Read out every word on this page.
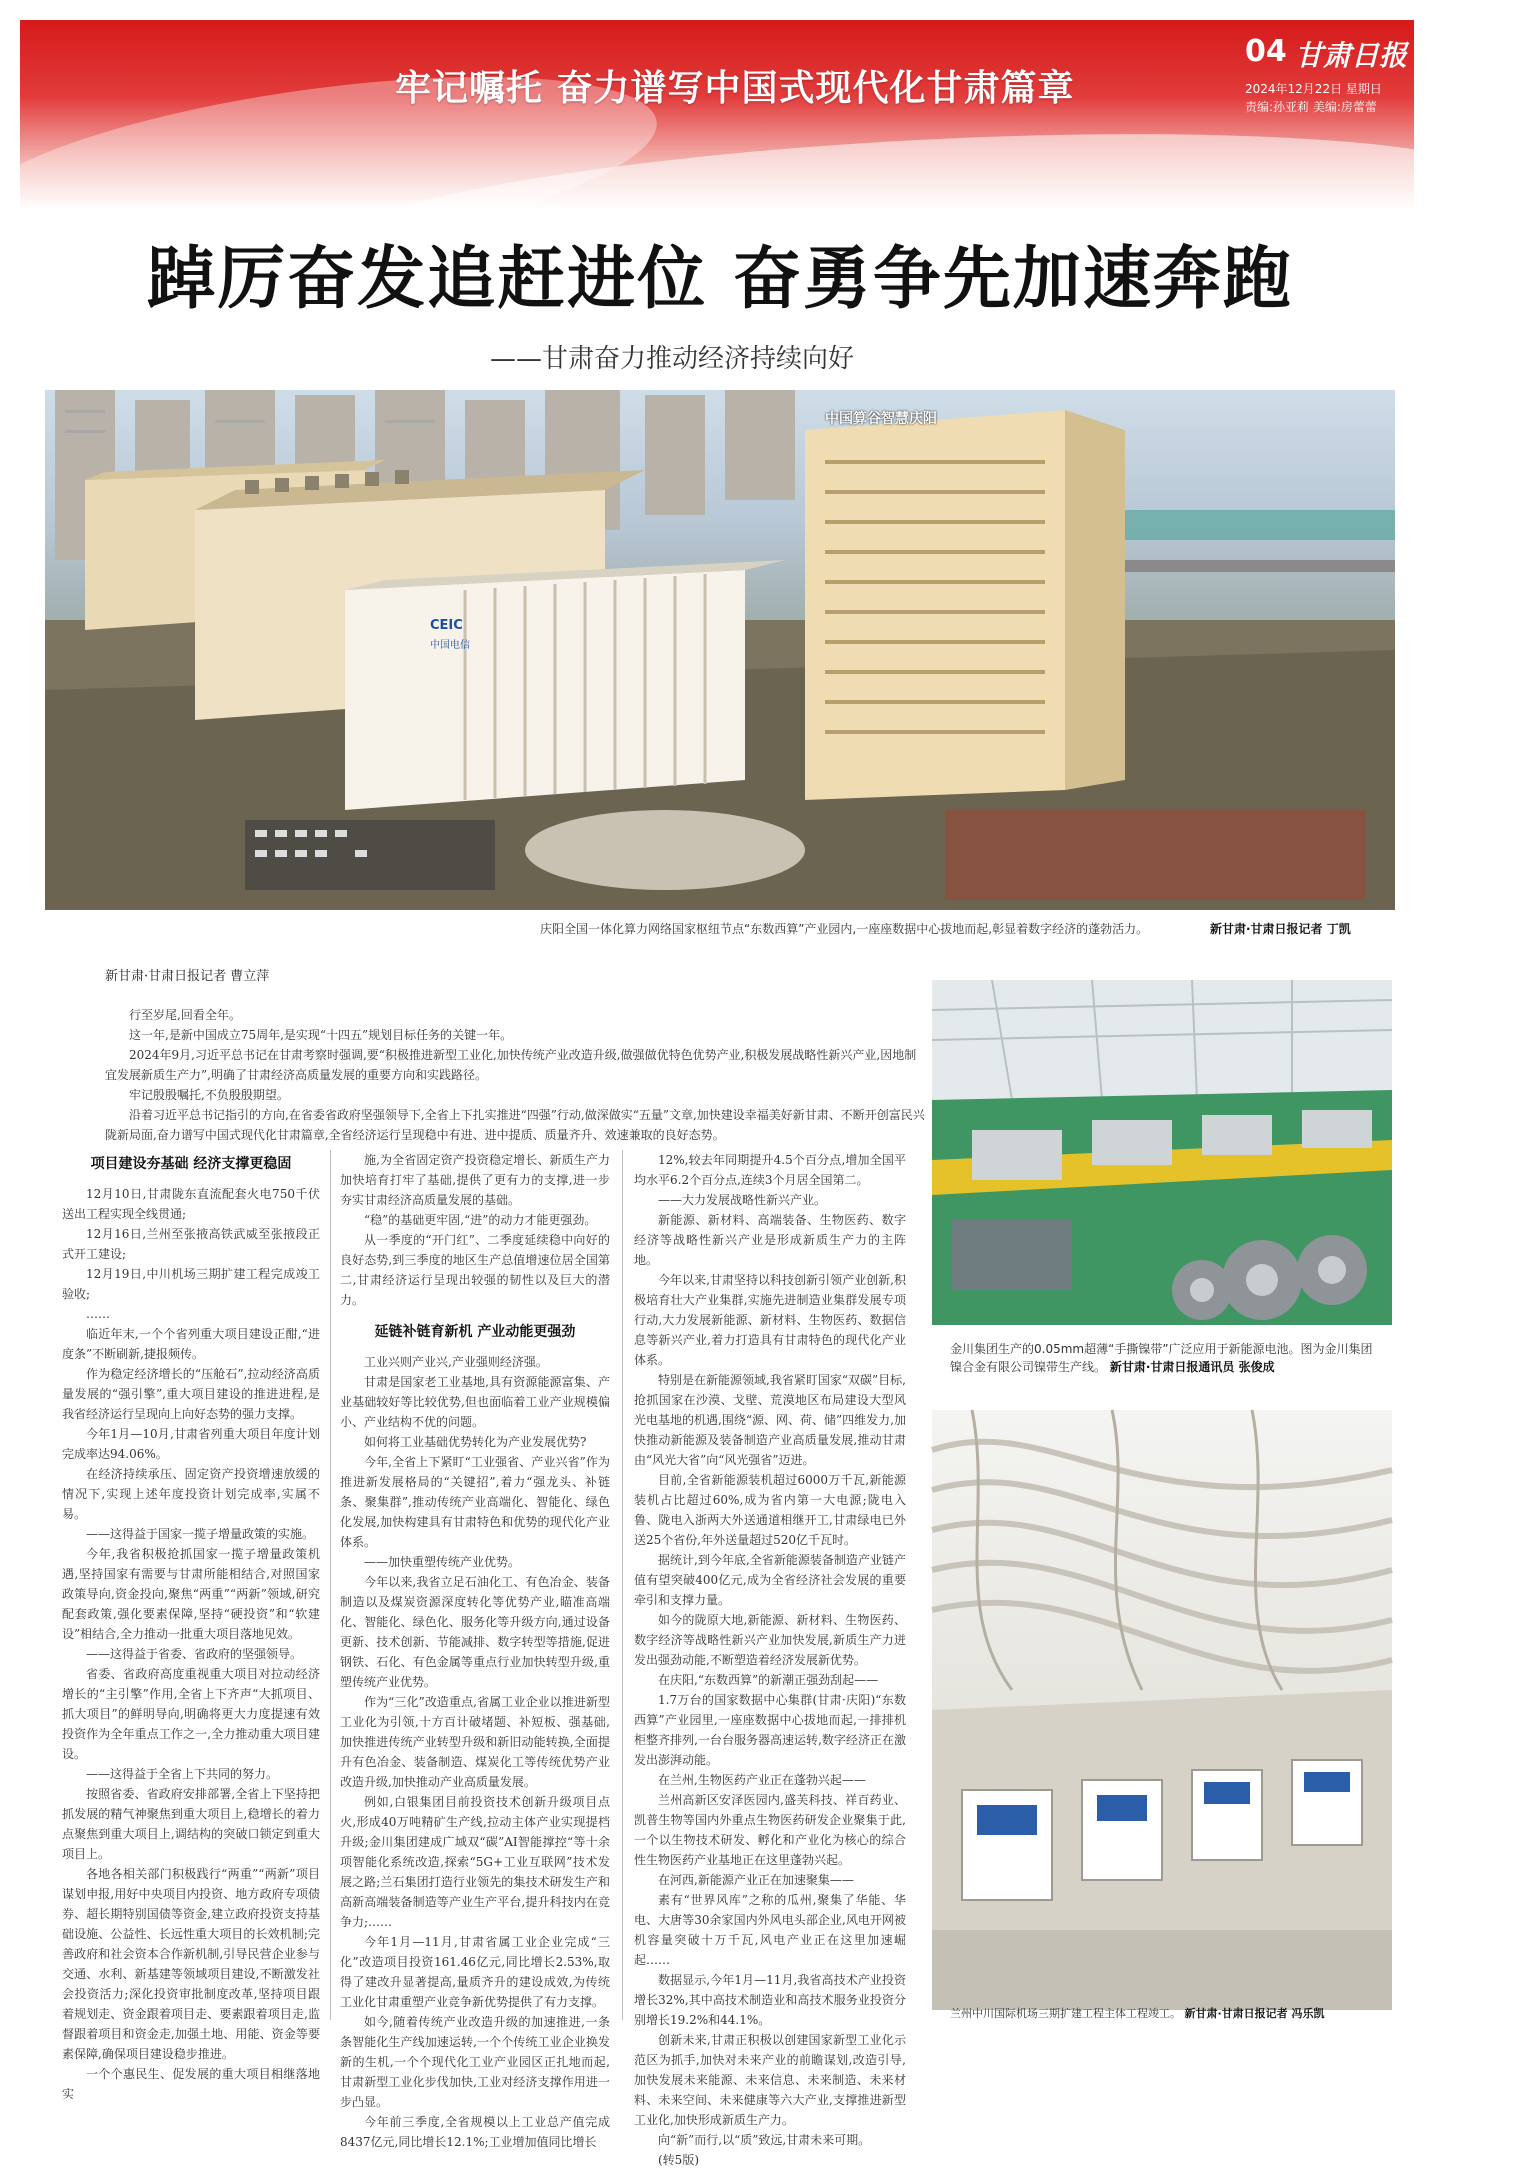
牢记嘱托 奋力谱写中国式现代化甘肃篇章
04 甘肃日报
2024年12月22日 星期日
责编:孙亚莉 美编:房蕾蕾
踔厉奋发追赶进位 奋勇争先加速奔跑
——甘肃奋力推动经济持续向好
中国算谷智慧庆阳
CEIC
中国电信
庆阳全国一体化算力网络国家枢纽节点“东数西算”产业园内,一座座数据中心拔地而起,彰显着数字经济的蓬勃活力。	新甘肃·甘肃日报记者 丁凯
新甘肃·甘肃日报记者 曹立萍

行至岁尾,回看全年。

这一年,是新中国成立75周年,是实现“十四五”规划目标任务的关键一年。

2024年9月,习近平总书记在甘肃考察时强调,要“积极推进新型工业化,加快传统产业改造升级,做强做优特色优势产业,积极发展战略性新兴产业,因地制宜发展新质生产力”,明确了甘肃经济高质量发展的重要方向和实践路径。

牢记殷殷嘱托,不负殷殷期望。

沿着习近平总书记指引的方向,在省委省政府坚强领导下,全省上下扎实推进“四强”行动,做深做实“五量”文章,加快建设幸福美好新甘肃、不断开创富民兴陇新局面,奋力谱写中国式现代化甘肃篇章,全省经济运行呈现稳中有进、进中提质、质量齐升、效速兼取的良好态势。

项目建设夯基础 经济支撑更稳固

12月10日,甘肃陇东直流配套火电750千伏送出工程实现全线贯通;

12月16日,兰州至张掖高铁武威至张掖段正式开工建设;

12月19日,中川机场三期扩建工程完成竣工验收;

……

临近年末,一个个省列重大项目建设正酣,“进度条”不断刷新,捷报频传。

作为稳定经济增长的“压舱石”,拉动经济高质量发展的“强引擎”,重大项目建设的推进进程,是我省经济运行呈现向上向好态势的强力支撑。

今年1月—10月,甘肃省列重大项目年度计划完成率达94.06%。

在经济持续承压、固定资产投资增速放缓的情况下,实现上述年度投资计划完成率,实属不易。

——这得益于国家一揽子增量政策的实施。

今年,我省积极抢抓国家一揽子增量政策机遇,坚持国家有需要与甘肃所能相结合,对照国家政策导向,资金投向,聚焦“两重”“两新”领域,研究配套政策,强化要素保障,坚持“硬投资”和“软建设”相结合,全力推动一批重大项目落地见效。

——这得益于省委、省政府的坚强领导。

省委、省政府高度重视重大项目对拉动经济增长的“主引擎”作用,全省上下齐声“大抓项目、抓大项目”的鲜明导向,明确将更大力度提速有效投资作为全年重点工作之一,全力推动重大项目建设。

——这得益于全省上下共同的努力。

按照省委、省政府安排部署,全省上下坚持把抓发展的精气神聚焦到重大项目上,稳增长的着力点聚焦到重大项目上,调结构的突破口锁定到重大项目上。

各地各相关部门积极践行“两重”“两新”项目谋划申报,用好中央项目内投资、地方政府专项债券、超长期特别国债等资金,建立政府投资支持基础设施、公益性、长远性重大项目的长效机制;完善政府和社会资本合作新机制,引导民营企业参与交通、水利、新基建等领域项目建设,不断激发社会投资活力;深化投资审批制度改革,坚持项目跟着规划走、资金跟着项目走、要素跟着项目走,监督跟着项目和资金走,加强土地、用能、资金等要素保障,确保项目建设稳步推进。

一个个惠民生、促发展的重大项目相继落地实

施,为全省固定资产投资稳定增长、新质生产力加快培育打牢了基础,提供了更有力的支撑,进一步夯实甘肃经济高质量发展的基础。

“稳”的基础更牢固,“进”的动力才能更强劲。

从一季度的“开门红”、二季度延续稳中向好的良好态势,到三季度的地区生产总值增速位居全国第二,甘肃经济运行呈现出较强的韧性以及巨大的潜力。

延链补链育新机 产业动能更强劲

工业兴则产业兴,产业强则经济强。

甘肃是国家老工业基地,具有资源能源富集、产业基础较好等比较优势,但也面临着工业产业规模偏小、产业结构不优的问题。

如何将工业基础优势转化为产业发展优势?

今年,全省上下紧盯“工业强省、产业兴省”作为推进新发展格局的“关键招”,着力“强龙头、补链条、聚集群”,推动传统产业高端化、智能化、绿色化发展,加快构建具有甘肃特色和优势的现代化产业体系。

——加快重塑传统产业优势。

今年以来,我省立足石油化工、有色冶金、装备制造以及煤炭资源深度转化等优势产业,瞄准高端化、智能化、绿色化、服务化等升级方向,通过设备更新、技术创新、节能减排、数字转型等措施,促进钢铁、石化、有色金属等重点行业加快转型升级,重塑传统产业优势。

作为“三化”改造重点,省属工业企业以推进新型工业化为引领,十方百计破堵题、补短板、强基础,加快推进传统产业转型升级和新旧动能转换,全面提升有色冶金、装备制造、煤炭化工等传统优势产业改造升级,加快推动产业高质量发展。

例如,白银集团目前投资技术创新升级项目点火,形成40万吨精矿生产线,拉动主体产业实现提档升级;金川集团建成广域双“碳”AI智能撑控“等十余项智能化系统改造,探索“5G+工业互联网”技术发展之路;兰石集团打造行业领先的集技术研发生产和高新高端装备制造等产业生产平台,提升科技内在竞争力;……

今年1月—11月,甘肃省属工业企业完成“三化”改造项目投资161.46亿元,同比增长2.53%,取得了建改升显著提高,量质齐升的建设成效,为传统工业化甘肃重塑产业竞争新优势提供了有力支撑。

如今,随着传统产业改造升级的加速推进,一条条智能化生产线加速运转,一个个传统工业企业换发新的生机,一个个现代化工业产业园区正扎地而起,甘肃新型工业化步伐加快,工业对经济支撑作用进一步凸显。

今年前三季度,全省规模以上工业总产值完成8437亿元,同比增长12.1%;工业增加值同比增长

12%,较去年同期提升4.5个百分点,增加全国平均水平6.2个百分点,连续3个月居全国第二。

——大力发展战略性新兴产业。

新能源、新材料、高端装备、生物医药、数字经济等战略性新兴产业是形成新质生产力的主阵地。

今年以来,甘肃坚持以科技创新引领产业创新,积极培育壮大产业集群,实施先进制造业集群发展专项行动,大力发展新能源、新材料、生物医药、数据信息等新兴产业,着力打造具有甘肃特色的现代化产业体系。

特别是在新能源领域,我省紧盯国家“双碳”目标,抢抓国家在沙漠、戈壁、荒漠地区布局建设大型风光电基地的机遇,围绕“源、网、荷、储”四维发力,加快推动新能源及装备制造产业高质量发展,推动甘肃由“风光大省”向“风光强省”迈进。

目前,全省新能源装机超过6000万千瓦,新能源装机占比超过60%,成为省内第一大电源;陇电入鲁、陇电入浙两大外送通道相继开工,甘肃绿电已外送25个省份,年外送量超过520亿千瓦时。

据统计,到今年底,全省新能源装备制造产业链产值有望突破400亿元,成为全省经济社会发展的重要牵引和支撑力量。

如今的陇原大地,新能源、新材料、生物医药、数字经济等战略性新兴产业加快发展,新质生产力迸发出强劲动能,不断塑造着经济发展新优势。

在庆阳,“东数西算”的新潮正强劲刮起——

1.7万台的国家数据中心集群(甘肃·庆阳)“东数西算”产业园里,一座座数据中心拔地而起,一排排机柜整齐排列,一台台服务器高速运转,数字经济正在激发出澎湃动能。

在兰州,生物医药产业正在蓬勃兴起——

兰州高新区安泽医园内,盛芙科技、祥百药业、凯普生物等国内外重点生物医药研发企业聚集于此,一个以生物技术研发、孵化和产业化为核心的综合性生物医药产业基地正在这里蓬勃兴起。

在河西,新能源产业正在加速聚集——

素有“世界风库”之称的瓜州,聚集了华能、华电、大唐等30余家国内外风电头部企业,风电开网被机容量突破十万千瓦,风电产业正在这里加速崛起……

数据显示,今年1月—11月,我省高技术产业投资增长32%,其中高技术制造业和高技术服务业投资分别增长19.2%和44.1%。

创新未来,甘肃正积极以创建国家新型工业化示范区为抓手,加快对未来产业的前瞻谋划,改造引导,加快发展未来能源、未来信息、未来制造、未来材料、未来空间、未来健康等六大产业,支撑推进新型工业化,加快形成新质生产力。

向“新”而行,以“质”致远,甘肃未来可期。

(转5版)

金川集团生产的0.05mm超薄“手撕镍带”广泛应用于新能源电池。图为金川集团镍合金有限公司镍带生产线。 新甘肃·甘肃日报通讯员 张俊成
兰州中川国际机场三期扩建工程主体工程竣工。 新甘肃·甘肃日报记者 冯乐凯
